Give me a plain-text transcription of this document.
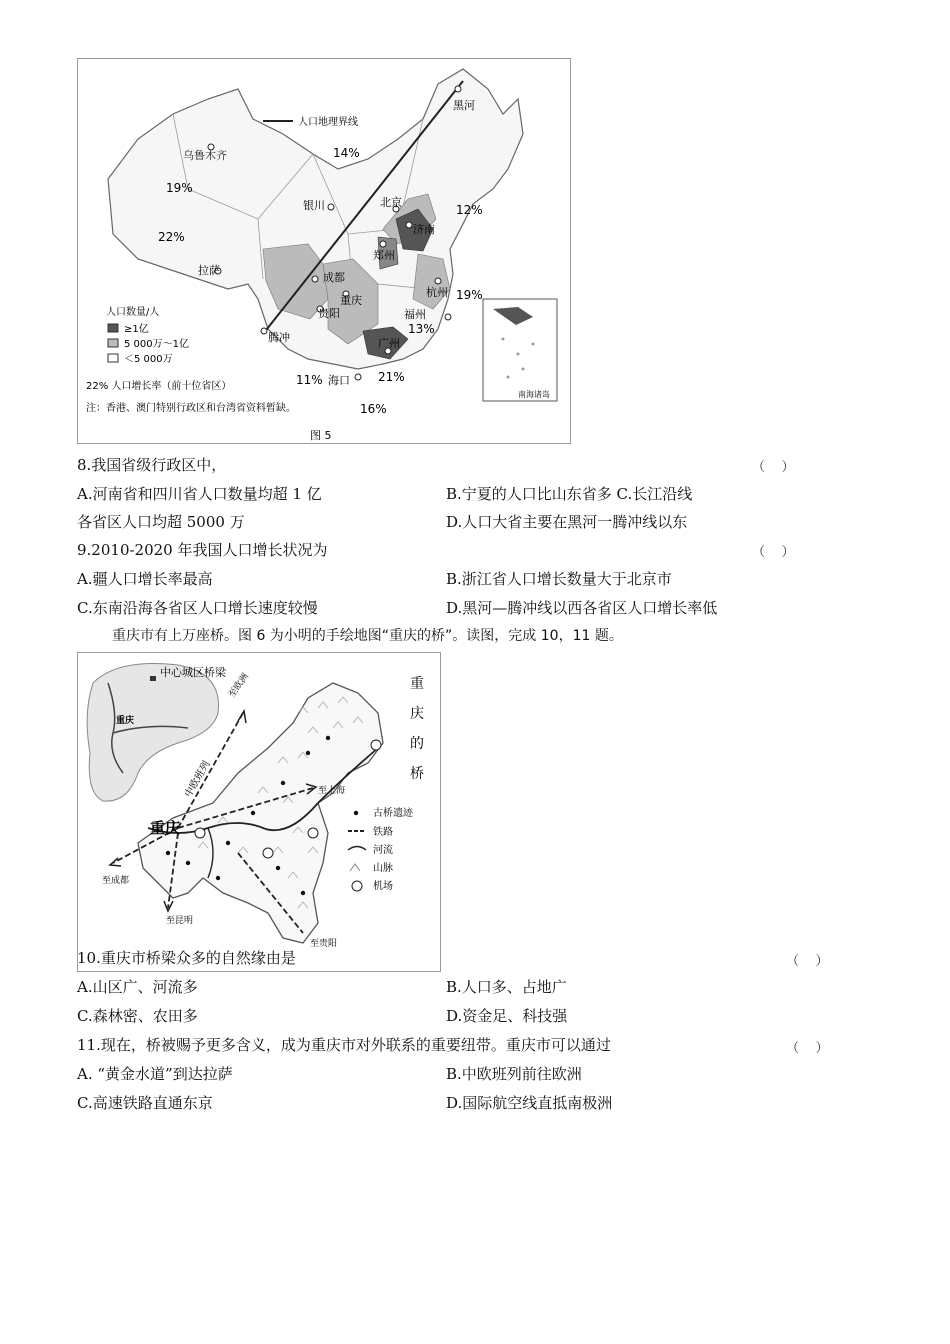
人口地理界线
乌鲁木齐
银川	北京
济南
郑州
成都
重庆
贵阳
拉萨
杭州
福州
腾冲
黑河
海口
广州
14%
19%
22%
12%
19%
13%
11%	21%
16%
人口数量/人
≥1亿
5 000万～1亿
＜5 000万
22% 人口增长率（前十位省区）
注：香港、澳门特别行政区和台湾省资料暂缺。
南海诸岛
图 5
8.我国省级行政区中，	（    ）
A.河南省和四川省人口数量均超 1 亿	B.宁夏的人口比山东省多 C.长江沿线
各省区人口均超 5000 万	D.人口大省主要在黑河一腾冲线以东
9.2010-2020 年我国人口增长状况为	（    ）
A.疆人口增长率最高	B.浙江省人口增长数量大于北京市
C.东南沿海各省区人口增长速度较慢	D.黑河—腾冲线以西各省区人口增长率低
重庆市有上万座桥。图 6 为小明的手绘地图“重庆的桥”。读图，完成 10，11 题。
中心城区桥梁
重庆
重庆
重
庆
的
桥
至欧洲
中欧班列	至上海
至成都
至昆明
至贵阳
古桥遗迹
铁路
河流
山脉
机场
10.重庆市桥梁众多的自然缘由是	（    ）
A.山区广、河流多	B.人口多、占地广
C.森林密、农田多	D.资金足、科技强
11.现在，桥被赐予更多含义，成为重庆市对外联系的重要纽带。重庆市可以通过	（    ）
A. “黄金水道”到达拉萨	B.中欧班列前往欧洲
C.高速铁路直通东京	D.国际航空线直抵南极洲
